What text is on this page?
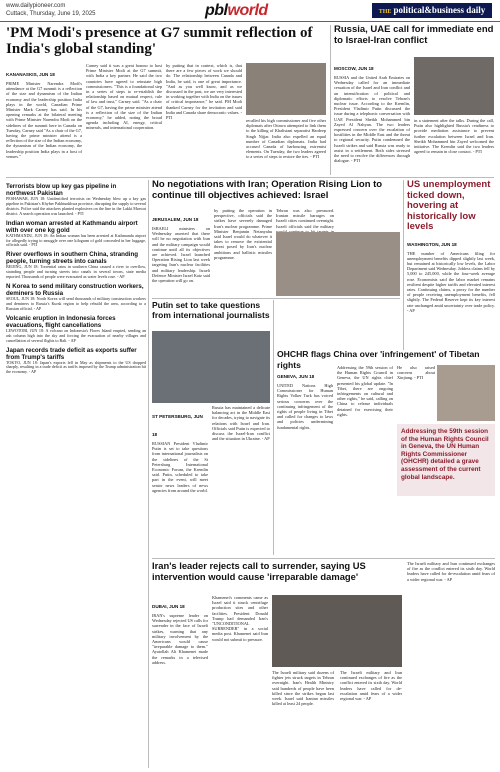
www.dailypioneer.com
Cuttack, Thursday, June 19, 2025	pblworld	THE political&business daily
'PM Modi's presence at G7 summit reflection of India's global standing'
KANANASKIS, JUN 18

PRIME Minister Narendra Modi's attendance at the G7 summit is a reflection of the size and dynamism of the Indian economy and the leadership position India plays in the world, Canadian Prime Minister Mark Carney has said. In his opening remarks at the bilateral meeting with Prime Minister Narendra Modi on the sidelines of the summit here in Canada on Tuesday, Carney said "As a chair of the G7, having the prime minister attend is a reflection of the size of the Indian economy, the dynamism of the Indian economy, the leadership position India plays in a host of venues."

Carney said it was a great honour to host Prime Minister Modi at the G7 summit, with India a key partner. He said the two countries have agreed to reinstate high commissioners. "This is a foundational step in a series of steps to re-establish the relationship based on mutual respect, rule of law and trust," Carney said. "As a chair of the G7, having the prime minister attend is a reflection of the size of the Indian economy," he added, noting the broad agenda including AI, energy, critical minerals, and international cooperation.

by putting that in context, which is, that there are a few pieces of work we should do. The relationship between Canada and India, he said, is one of great importance. "And as you well know, and as we discussed in the past, we are very interested in working together with India on the issues of critical importance," he said. PM Modi thanked Carney for the invitation and said India and Canada share democratic values. - PTI

recalled his high commissioner and five other diplomats after Ottawa attempted to link them to the killing of Khalistani separatist Hardeep Singh Nijjar. India also expelled an equal number of Canadian diplomats. India had accused Canada of harbouring extremist elements. On Tuesday, the two leaders agreed to a series of steps to restore the ties. - PTI

Russia, UAE call for immediate end to Israel-Iran conflict
MOSCOW, JUN 18

RUSSIA and the United Arab Emirates on Wednesday called for an immediate cessation of the Israel and Iran conflict and an intensification of political and diplomatic efforts to resolve Tehran's nuclear issue. According to the Kremlin, President Vladimir Putin discussed the issue during a telephonic conversation with UAE President Sheikh Mohammed bin Zayed Al Nahyan. The two leaders expressed concern over the escalation of hostilities in the Middle East and the threat to regional security. Putin condemned the Israeli strikes and said Russia was ready to assist in a settlement. Both sides stressed the need to resolve the differences through dialogue. - PTI

in a statement after the talks. During the call, Putin also highlighted Russia's readiness to provide mediation assistance to prevent further escalation between Israel and Iran. Sheikh Mohammed bin Zayed welcomed the initiative. The Kremlin said the two leaders agreed to remain in close contact. - PTI

Terrorists blow up key gas pipeline in northwest Pakistan
PESHAWAR, JUN 18: Unidentified terrorists on Wednesday blew up a key gas pipeline in Pakistan's Khyber Pakhtunkhwa province, disrupting the supply to several districts. Police said the attackers planted explosives on the line in the Lakki Marwat district. A search operation was launched. - PTI
Indian woman arrested at Kathmandu airport with over one kg gold
KATHMANDU, JUN 18: An Indian woman has been arrested at Kathmandu airport for allegedly trying to smuggle over one kilogram of gold concealed in her luggage, officials said. - PTI
River overflows in southern China, stranding people, turning streets into canals
BEIJING, JUN 18: Torrential rains in southern China caused a river to overflow, stranding people and turning streets into canals in several towns, state media reported. Thousands of people were evacuated as water levels rose. - AP
N Korea to send military construction workers, deminers to Russia
SEOUL, JUN 18: North Korea will send thousands of military construction workers and deminers to Russia's Kursk region to help rebuild the area, according to a Russian official. - AP
Volcanic eruption in Indonesia forces evacuations, flight cancellations
LEWOTOBI, JUN 18: A volcano on Indonesia's Flores Island erupted, sending an ash column high into the sky and forcing the evacuation of nearby villages and cancellation of several flights to Bali. - AP
Japan records trade deficit as exports suffer from Trump's tariffs
TOKYO, JUN 18: Japan's exports fell in May as shipments to the US dropped sharply, resulting in a trade deficit as tariffs imposed by the Trump administration hit the economy. - AP
No negotiations with Iran; Operation Rising Lion to continue till objectives achieved: Israel
JERUSALEM, JUN 18

ISRAELI ministers on Wednesday asserted that there will be no negotiation with Iran and the military campaign would continue until all its objectives are achieved. Israel launched Operation Rising Lion last week targeting Iran's nuclear facilities and military leadership. Israeli Defence Minister Israel Katz said the operation will go on.

by putting the operation in perspective, officials said the strikes have severely damaged Iran's nuclear programme. Prime Minister Benjamin Netanyahu said Israel would do whatever it takes to remove the existential threat posed by Iran's nuclear ambitions and ballistic missiles programme.

Tehran was also pressured. Iranian missile barrages on Israeli cities continued overnight. Israeli officials said the military

US unemployment ticked down, hovering at historically low levels
WASHINGTON, JUN 18

THE number of Americans filing for unemployment benefits dipped slightly last week, but remained at historically low levels, the Labor Department said Wednesday. Jobless claims fell by 5,000 to 245,000, while the four-week average rose. Economists said the labor market remains resilient despite higher tariffs and elevated interest rates. Continuing claims, a proxy for the number of people receiving unemployment benefits, fell slightly. The Federal Reserve kept its key interest rate unchanged amid uncertainty over trade policy. - AP

Putin set to take questions from international journalists
ST PETERSBURG, JUN 18

RUSSIAN President Vladimir Putin is set to take questions from international journalists on the sidelines of the St Petersburg International Economic Forum, the Kremlin said. Putin, scheduled to take part in the event, will meet senior news leaders of news agencies from around the world.

Russia has maintained a delicate balancing act in the Middle East for decades, trying to navigate its relations with Israel and Iran. Officials said Putin is expected to discuss the Israel-Iran conflict and the situation in Ukraine. - AP

OHCHR flags China over 'infringement' of Tibetan rights
GENEVA, JUN 18

UNITED Nations High Commissioner for Human Rights Volker Turk has voiced serious concerns over the continuing infringement of the rights of people living in Tibet and called for changes to laws and policies undermining fundamental rights.

Addressing the 59th session of the Human Rights Council in Geneva, the UN rights chief presented his global update. "In Tibet, there are ongoing infringements on cultural and other rights," he said, calling on China to release individuals detained for exercising their rights.

He also raised concerns about Xinjiang. - PTI

Addressing the 59th session of the Human Rights Council in Geneva, the UN Human Rights Commissioner (OHCHR) detailed a grave assessment of the current global landscape.
Iran's leader rejects call to surrender, saying US intervention would cause 'irreparable damage'
DUBAI, JUN 18

IRAN's supreme leader on Wednesday rejected US calls for surrender in the face of Israeli strikes, warning that any military involvement by the Americans would cause "irreparable damage to them." Ayatollah Ali Khamenei made the remarks in a televised address.

Khamenei's comments came as Israel said it struck centrifuge production sites and other facilities. President Donald Trump had demanded Iran's "UNCONDITIONAL SURRENDER" in a social media post. Khamenei said Iran would not submit to pressure.

The Israeli military said dozens of fighter jets struck targets in Tehran overnight. Iran's Health Ministry said hundreds of people have been killed since the strikes began last week. Israel said Iranian missiles killed at least 24 people.

The Israeli military and Iran continued exchanges of fire as the conflict entered its sixth day. World leaders have called for de-escalation amid fears of a wider regional war. - AP

The Israeli military and Iran continued exchanges of fire as the conflict entered its sixth day. World leaders have called for de-escalation amid fears of a wider regional war. - AP
